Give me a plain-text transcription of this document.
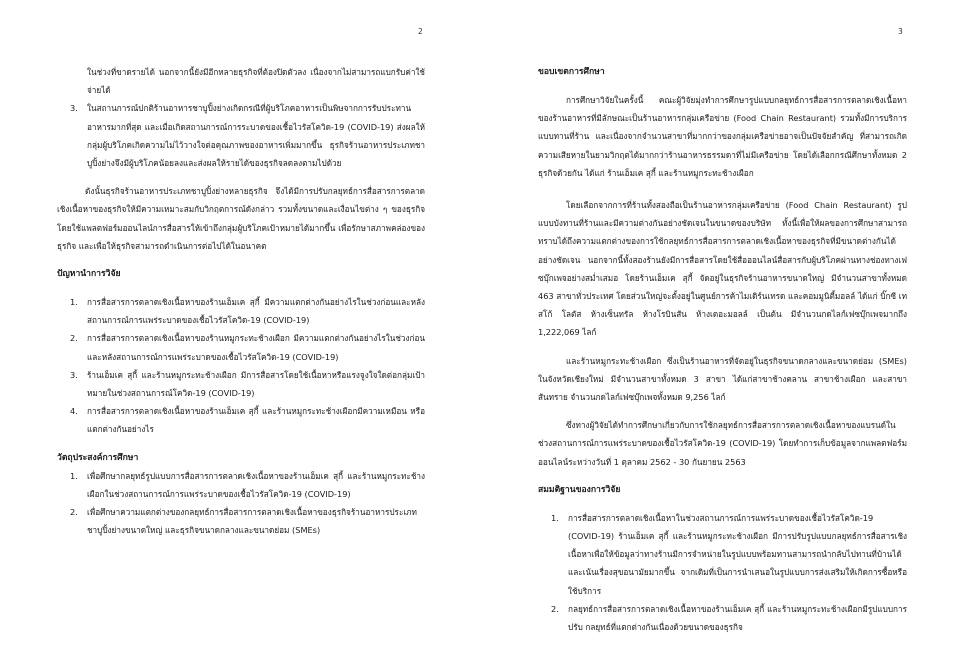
2
ในช่วงที่ขาดรายได้ นอกจากนี้ยังมีอีกหลายธุรกิจที่ต้องปิดตัวลง เนื่องจากไม่สามารถแบกรับค่าใช้จ่ายได้
3. ในสถานการณ์ปกติร้านอาหารชาบูปิ้งย่างเกิดกรณีที่ผู้บริโภคอาหารเป็นพิษจากการรับประทานอาหารมากที่สุด และเมื่อเกิดสถานการณ์การระบาดของเชื้อไวรัสโควิด-19 (COVID-19) ส่งผลให้กลุ่มผู้บริโภคเกิดความไม่ไว้วางใจต่อคุณภาพของอาหารเพิ่มมากขึ้น ธุรกิจร้านอาหารประเภทชาบูปิ้งย่างจึงมีผู้บริโภคน้อยลงและส่งผลให้รายได้ของธุรกิจลดลงตามไปด้วย
ดังนั้นธุรกิจร้านอาหารประเภทชาบูปิ้งย่างหลายธุรกิจ จึงได้มีการปรับกลยุทธ์การสื่อสารการตลาดเชิงเนื้อหาของธุรกิจให้มีความเหมาะสมกับวิกฤตการณ์ดังกล่าว รวมทั้งขนาดและเงื่อนไขต่าง ๆ ของธุรกิจ โดยใช้แพลตฟอร์มออนไลน์การสื่อสารให้เข้าถึงกลุ่มผู้บริโภคเป้าหมายได้มากขึ้น เพื่อรักษาสภาพคล่องของธุรกิจ และเพื่อให้ธุรกิจสามารถดำเนินการต่อไปได้ในอนาคต
ปัญหานำการวิจัย
1. การสื่อสารการตลาดเชิงเนื้อหาของร้านเอ็มเค สุกี้ มีความแตกต่างกันอย่างไรในช่วงก่อนและหลังสถานการณ์การแพร่ระบาดของเชื้อไวรัสโควิด-19 (COVID-19)
2. การสื่อสารการตลาดเชิงเนื้อหาของร้านหมูกระทะช้างเผือก มีความแตกต่างกันอย่างไรในช่วงก่อนและหลังสถานการณ์การแพร่ระบาดของเชื้อไวรัสโควิด-19 (COVID-19)
3. ร้านเอ็มเค สุกี้ และร้านหมูกระทะช้างเผือก มีการสื่อสารโดยใช้เนื้อหาหรือแรงจูงใจใดต่อกลุ่มเป้าหมายในช่วงสถานการณ์โควิด-19 (COVID-19)
4. การสื่อสารการตลาดเชิงเนื้อหาของร้านเอ็มเค สุกี้ และร้านหมูกระทะช้างเผือกมีความเหมือน หรือแตกต่างกันอย่างไร
วัตถุประสงค์การศึกษา
1. เพื่อศึกษากลยุทธ์รูปแบบการสื่อสารการตลาดเชิงเนื้อหาของร้านเอ็มเค สุกี้ และร้านหมูกระทะช้างเผือกในช่วงสถานการณ์การแพร่ระบาดของเชื้อไวรัสโควิด-19 (COVID-19)
2. เพื่อศึกษาความแตกต่างของกลยุทธ์การสื่อสารการตลาดเชิงเนื้อหาของธุรกิจร้านอาหารประเภทชาบูปิ้งย่างขนาดใหญ่ และธุรกิจขนาดกลางและขนาดย่อม (SMEs)
3
ขอบเขตการศึกษา
การศึกษาวิจัยในครั้งนี้ คณะผู้วิจัยมุ่งทำการศึกษารูปแบบกลยุทธ์การสื่อสารการตลาดเชิงเนื้อหาของร้านอาหารที่มีลักษณะเป็นร้านอาหารกลุ่มเครือข่าย (Food Chain Restaurant) รวมทั้งมีการบริการแบบทานที่ร้าน และเนื่องจากจำนวนสาขาที่มากกว่าของกลุ่มเครือข่ายอาจเป็นปัจจัยสำคัญ ที่สามารถเกิดความเสียหายในยามวิกฤตได้มากกว่าร้านอาหารธรรมดาที่ไม่มีเครือข่าย โดยได้เลือกกรณีศึกษาทั้งหมด 2 ธุรกิจด้วยกัน ได้แก่ ร้านเอ็มเค สุกี้ และร้านหมูกระทะช้างเผือก
โดยเลือกจากการที่ร้านทั้งสองถือเป็นร้านอาหารกลุ่มเครือข่าย (Food Chain Restaurant) รูปแบบบังทานที่ร้านและมีความต่างกันอย่างชัดเจนในขนาดของบริษัท ทั้งนี้เพื่อให้ผลของการศึกษาสามารถทราบได้ถึงความแตกต่างของการใช้กลยุทธ์การสื่อสารการตลาดเชิงเนื้อหาของธุรกิจที่มีขนาดต่างกันได้อย่างชัดเจน นอกจากนี้ทั้งสองร้านยังมีการสื่อสารโดยใช้สื่อออนไลน์สื่อสารกับผู้บริโภคผ่านทางช่องทางเฟซบุ๊กเพจอย่างสม่ำเสมอ โดยร้านเอ็มเค สุกี้ จัดอยู่ในธุรกิจร้านอาหารขนาดใหญ่ มีจำนวนสาขาทั้งหมด 463 สาขาทั่วประเทศ โดยส่วนใหญ่จะตั้งอยู่ในศูนย์การค้าไมเดิร์นเทรด และคอมมูนิตี้มอลล์ ได้แก่ บิ๊กซี เทสโก้ โลตัส ห้างเซ็นทรัล ห้างโรบินสัน ห้างเดอะมอลล์ เป็นต้น มีจำนวนกดไลก์เฟซบุ๊กเพจมากถึง 1,222,069 ไลก์
และร้านหมูกระทะช้างเผือก ซึ่งเป็นร้านอาหารที่จัดอยู่ในธุรกิจขนาดกลางและขนาดย่อม (SMEs) ในจังหวัดเชียงใหม่ มีจำนวนสาขาทั้งหมด 3 สาขา ได้แก่สาขาช้างคลาน สาขาช้างเผือก และสาขาสันทราย จำนวนกดไลก์เฟซบุ๊กเพจทั้งหมด 9,256 ไลก์
ซึ่งทางผู้วิจัยได้ทำการศึกษาเกี่ยวกับการใช้กลยุทธ์การสื่อสารการตลาดเชิงเนื้อหาของแบรนด์ในช่วงสถานการณ์การแพร่ระบาดของเชื้อไวรัสโควิด-19 (COVID-19) โดยทำการเก็บข้อมูลจากแพลตฟอร์มออนไลน์ระหว่างวันที่ 1 ตุลาคม 2562 - 30 กันยายน 2563
สมมติฐานของการวิจัย
1. การสื่อสารการตลาดเชิงเนื้อหาในช่วงสถานการณ์การแพร่ระบาดของเชื้อไวรัสโควิด-19 (COVID-19) ร้านเอ็มเค สุกี้ และร้านหมูกระทะช้างเผือก มีการปรับรูปแบบกลยุทธ์การสื่อสารเชิงเนื้อหาเพื่อให้ข้อมูลว่าทางร้านมีการจำหน่ายในรูปแบบพร้อมทานสามารถนำกลับไปทานที่บ้านได้ และเน้นเรื่องสุขอนามัยมากขึ้น จากเดิมที่เป็นการนำเสนอในรูปแบบการส่งเสริมให้เกิดการซื้อหรือใช้บริการ
2. กลยุทธ์การสื่อสารการตลาดเชิงเนื้อหาของร้านเอ็มเค สุกี้ และร้านหมูกระทะช้างเผือกมีรูปแบบการปรับ กลยุทธ์ที่แตกต่างกันเนื่องด้วยขนาดของธุรกิจ
